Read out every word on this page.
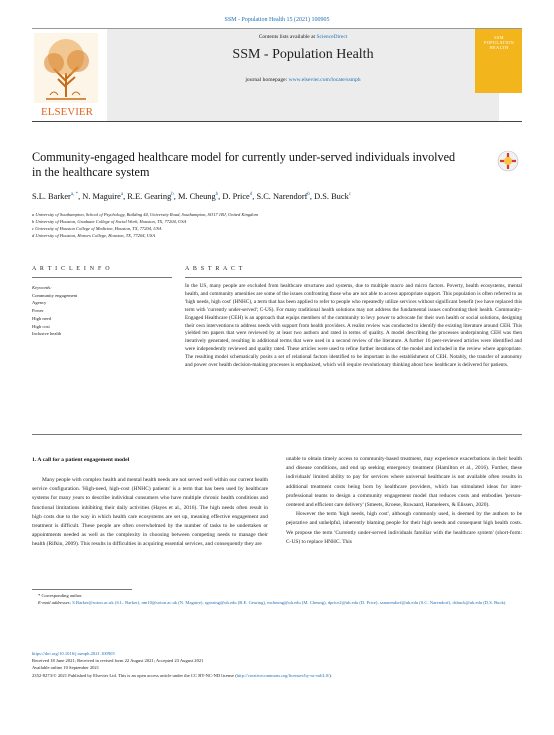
SSM - Population Health 15 (2021) 100905
ELSEVIER
Contents lists available at ScienceDirect
SSM - Population Health
journal homepage: www.elsevier.com/locate/ssmph
SSM POPULATION HEALTH
Community-engaged healthcare model for currently under-served individuals involved in the healthcare system
S.L. Barker$^{a, *}$, N. Maguire$^a$, R.E. Gearing$^b$, M. Cheung$^b$, D. Price$^d$, S.C. Narendorf$^b$, D.S. Buck$^c$
a University of Southampton, School of Psychology, Building 44, University Road, Southampton, SO17 1BJ, United Kingdom
b University of Houston, Graduate College of Social Work, Houston, TX, 77204, USA
c University of Houston College of Medicine, Houston, TX, 77204, USA
d University of Houston, Honors College, Houston, TX, 77204, USA
A R T I C L E I N F O	A B S T R A C T
Keywords:
Community engagement
Agency
Power
High need
High cost
Inclusive health
In the US, many people are excluded from healthcare structures and systems, due to multiple macro and micro factors. Poverty, health ecosystems, mental health, and community amenities are some of the issues confronting those who are not able to access appropriate support. This population is often referred to as 'high needs, high cost' (HNHC), a term that has been applied to refer to people who repeatedly utilize services without significant benefit (we have replaced this term with 'currently under-served'; C-US). For many traditional health solutions may not address the fundamental issues confronting their health. Community-Engaged Healthcare (CEH) is an approach that equips members of the community to levy power to advocate for their own health or social solutions, designing their own interventions to address needs with support from health providers. A realist review was conducted to identify the existing literature around CEH. This yielded ten papers that were reviewed by at least two authors and rated in terms of quality. A model describing the processes underpinning CEH was then iteratively generated, resulting in additional terms that were used in a second review of the literature. A further 16 peer-reviewed articles were identified and were independently reviewed and quality rated. These articles were used to refine further iterations of the model and included in the review where appropriate. The resulting model schematically posits a set of relational factors identified to be important in the establishment of CEH. Notably, the transfer of autonomy and power over health decision-making processes is emphasized, which will require revolutionary thinking about how healthcare is delivered for patients.
1. A call for a patient engagement model

Many people with complex health and mental health needs are not served well within our current health service configuration. 'High-need, high-cost (HNHC) patients' is a term that has been used by healthcare systems for many years to describe individual consumers who have multiple chronic health conditions and functional limitations inhibiting their daily activities (Hayes et al., 2016). The high needs often result in high costs due to the way in which health care ecosystems are set up, meaning effective engagement and treatment is difficult. These people are often overwhelmed by the number of tasks to be undertaken or appointments needed as well as the complexity in choosing between competing needs to manage their health (Rifkin, 2009). This results in difficulties in acquiring essential services, and consequently they are

unable to obtain timely access to community-based treatment, may experience exacerbations in their health and disease conditions, and end up seeking emergency treatment (Hamilton et al., 2016). Further, these individuals' limited ability to pay for services where universal healthcare is not available often results in additional treatment costs being born by healthcare providers, which has stimulated ideas for inter-professional teams to design a community engagement model that reduces costs and embodies 'person-centered and efficient care delivery' (Smeets, Kroese, Ruwaard, Hameleers, & Elissen, 2020).

However the term 'high needs, high cost', although commonly used, is deemed by the authors to be pejorative and unhelpful, inherently blaming people for their high needs and consequent high health costs. We propose the term 'Currently under-served individuals familiar with the healthcare system' (short-form: C-US) to replace HNHC. This

* Corresponding author.
E-mail addresses: S.Barker@soton.ac.uk (S.L. Barker), nm10@soton.ac.uk (N. Maguire), rgearing@uh.edu (R.E. Gearing), mcheung@uh.edu (M. Cheung), dprice2@uh.edu (D. Price), sanarendorf@uh.edu (S.C. Narendorf), dsbuck@uh.edu (D.S. Buck).
https://doi.org/10.1016/j.ssmph.2021.100905
Received 18 June 2021; Received in revised form 22 August 2021; Accepted 23 August 2021
Available online 10 September 2021
2352-8273/© 2021 Published by Elsevier Ltd. This is an open access article under the CC BY-NC-ND license (http://creativecommons.org/licenses/by-nc-nd/4.0/).
